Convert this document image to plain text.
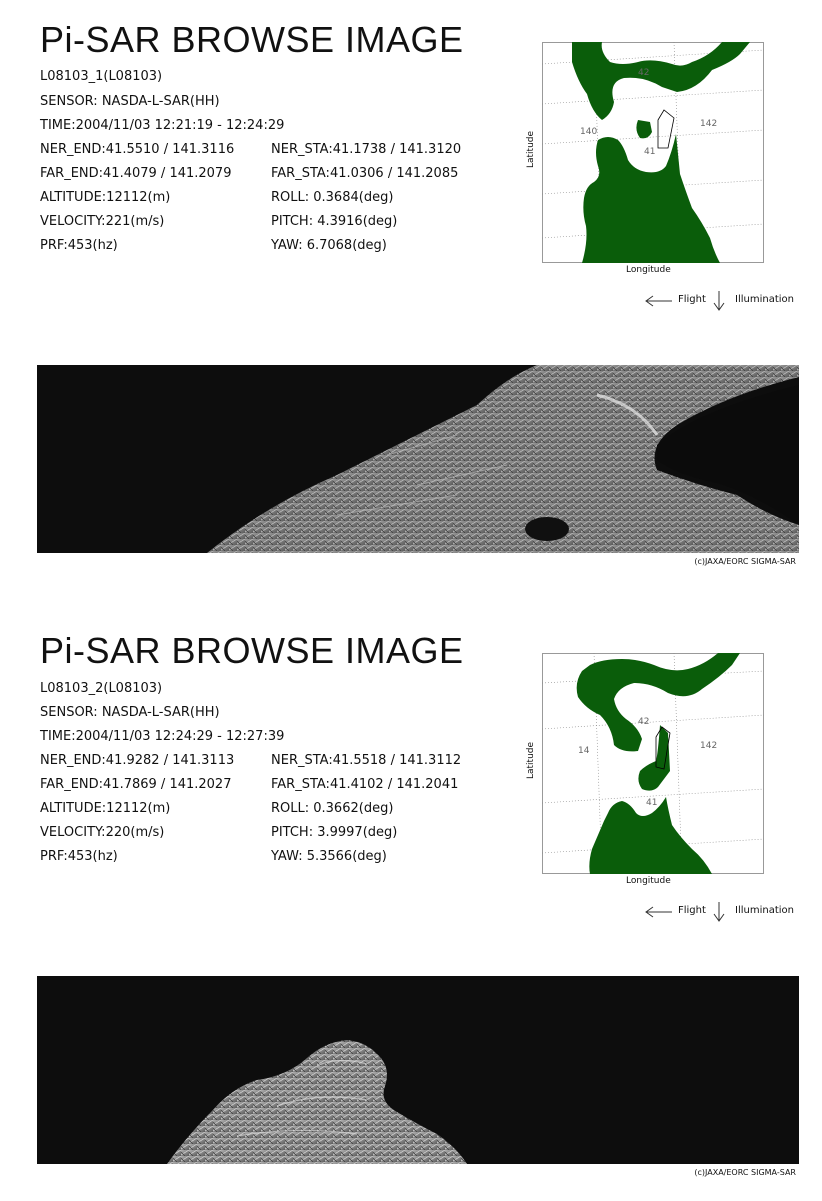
Pi-SAR BROWSE IMAGE
L08103_1(L08103)
SENSOR: NASDA-L-SAR(HH)
TIME:2004/11/03 12:21:19 - 12:24:29
NER_END:41.5510 / 141.3116	NER_STA:41.1738 / 141.3120
FAR_END:41.4079 / 141.2079	FAR_STA:41.0306 / 141.2085
ALTITUDE:12112(m)	ROLL: 0.3684(deg)
VELOCITY:221(m/s)	PITCH: 4.3916(deg)
PRF:453(hz)	YAW: 6.7068(deg)
42
140
142
41
Latitude
Longitude
Flight	Illumination
(c)JAXA/EORC SIGMA-SAR
Pi-SAR BROWSE IMAGE
L08103_2(L08103)
SENSOR: NASDA-L-SAR(HH)
TIME:2004/11/03 12:24:29 - 12:27:39
NER_END:41.9282 / 141.3113	NER_STA:41.5518 / 141.3112
FAR_END:41.7869 / 141.2027	FAR_STA:41.4102 / 141.2041
ALTITUDE:12112(m)	ROLL: 0.3662(deg)
VELOCITY:220(m/s)	PITCH: 3.9997(deg)
PRF:453(hz)	YAW: 5.3566(deg)
42
14	142
41
Latitude
Longitude
Flight	Illumination
(c)JAXA/EORC SIGMA-SAR
